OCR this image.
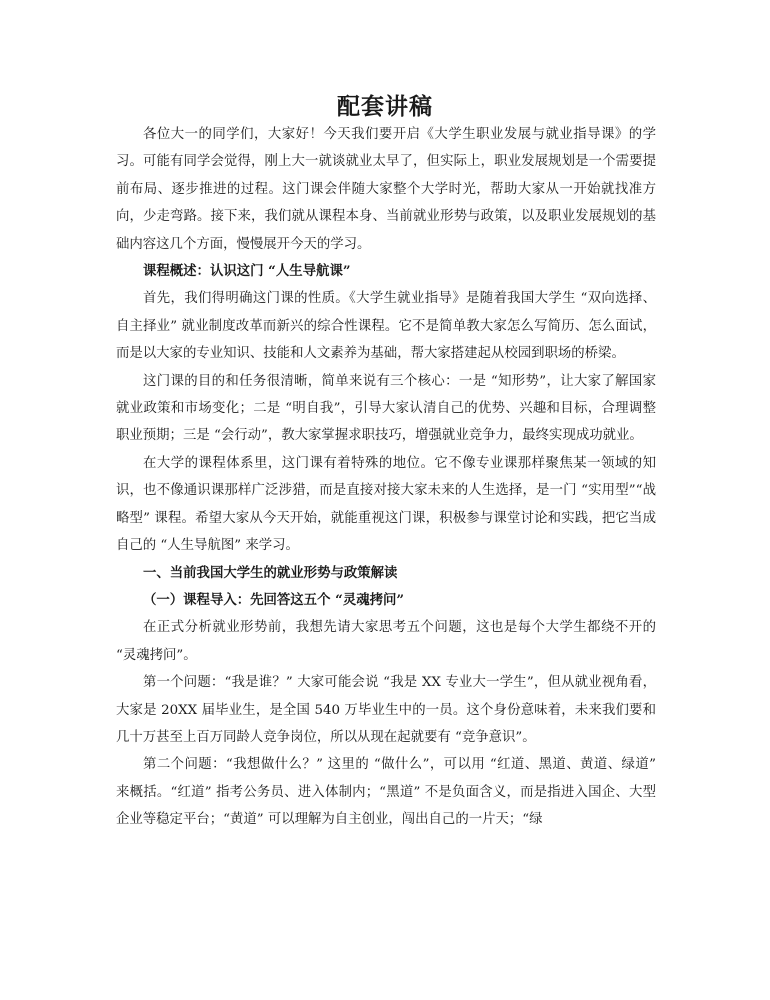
配套讲稿

各位大一的同学们，大家好！今天我们要开启《大学生职业发展与就业指导课》的学习。可能有同学会觉得，刚上大一就谈就业太早了，但实际上，职业发展规划是一个需要提前布局、逐步推进的过程。这门课会伴随大家整个大学时光，帮助大家从一开始就找准方向，少走弯路。接下来，我们就从课程本身、当前就业形势与政策，以及职业发展规划的基础内容这几个方面，慢慢展开今天的学习。

课程概述：认识这门 “人生导航课”

首先，我们得明确这门课的性质。《大学生就业指导》是随着我国大学生 “双向选择、自主择业” 就业制度改革而新兴的综合性课程。它不是简单教大家怎么写简历、怎么面试，而是以大家的专业知识、技能和人文素养为基础，帮大家搭建起从校园到职场的桥梁。

这门课的目的和任务很清晰，简单来说有三个核心：一是 “知形势”，让大家了解国家就业政策和市场变化；二是 “明自我”，引导大家认清自己的优势、兴趣和目标，合理调整职业预期；三是 “会行动”，教大家掌握求职技巧，增强就业竞争力，最终实现成功就业。

在大学的课程体系里，这门课有着特殊的地位。它不像专业课那样聚焦某一领域的知识，也不像通识课那样广泛涉猎，而是直接对接大家未来的人生选择，是一门 “实用型”“战略型” 课程。希望大家从今天开始，就能重视这门课，积极参与课堂讨论和实践，把它当成自己的 “人生导航图” 来学习。

一、当前我国大学生的就业形势与政策解读

（一）课程导入：先回答这五个 “灵魂拷问”

在正式分析就业形势前，我想先请大家思考五个问题，这也是每个大学生都绕不开的 “灵魂拷问”。

第一个问题：“我是谁？” 大家可能会说 “我是 XX 专业大一学生”，但从就业视角看，大家是 20XX 届毕业生，是全国 540 万毕业生中的一员。这个身份意味着，未来我们要和几十万甚至上百万同龄人竞争岗位，所以从现在起就要有 “竞争意识”。

第二个问题：“我想做什么？” 这里的 “做什么”，可以用 “红道、黑道、黄道、绿道” 来概括。“红道” 指考公务员、进入体制内；“黑道” 不是负面含义，而是指进入国企、大型企业等稳定平台；“黄道” 可以理解为自主创业，闯出自己的一片天；“绿
